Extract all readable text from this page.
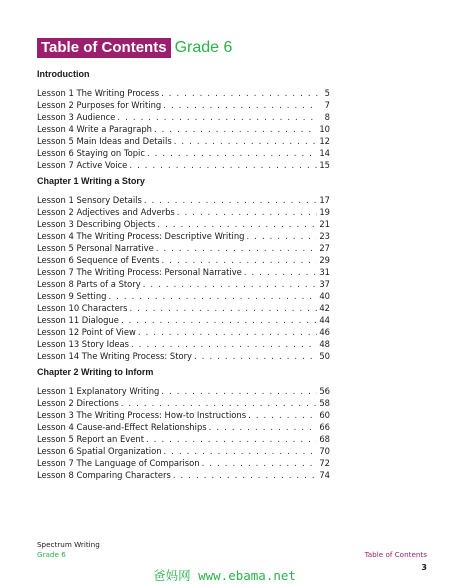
Table of Contents Grade 6
Introduction
Lesson 1 The Writing Process . . .	5
Lesson 2 Purposes for Writing . . .	7
Lesson 3 Audience . . .	8
Lesson 4 Write a Paragraph . . .	10
Lesson 5 Main Ideas and Details . . .	12
Lesson 6 Staying on Topic . . .	14
Lesson 7 Active Voice . . .	15
Chapter 1 Writing a Story
Lesson 1 Sensory Details . . .	17
Lesson 2 Adjectives and Adverbs . . .	19
Lesson 3 Describing Objects . . .	21
Lesson 4 The Writing Process: Descriptive Writing . . .	23
Lesson 5 Personal Narrative . . .	27
Lesson 6 Sequence of Events . . .	29
Lesson 7 The Writing Process: Personal Narrative . . .	31
Lesson 8 Parts of a Story . . .	37
Lesson 9 Setting . . .	40
Lesson 10 Characters . . .	42
Lesson 11 Dialogue . . .	44
Lesson 12 Point of View . . .	46
Lesson 13 Story Ideas . . .	48
Lesson 14 The Writing Process: Story . . .	50
Chapter 2 Writing to Inform
Lesson 1 Explanatory Writing . . .	56
Lesson 2 Directions . . .	58
Lesson 3 The Writing Process: How-to Instructions . . .	60
Lesson 4 Cause-and-Effect Relationships . . .	66
Lesson 5 Report an Event . . .	68
Lesson 6 Spatial Organization . . .	70
Lesson 7 The Language of Comparison . . .	72
Lesson 8 Comparing Characters . . .	74
Spectrum Writing
Grade 6	Table of Contents
3
爸妈网 www.ebama.net
